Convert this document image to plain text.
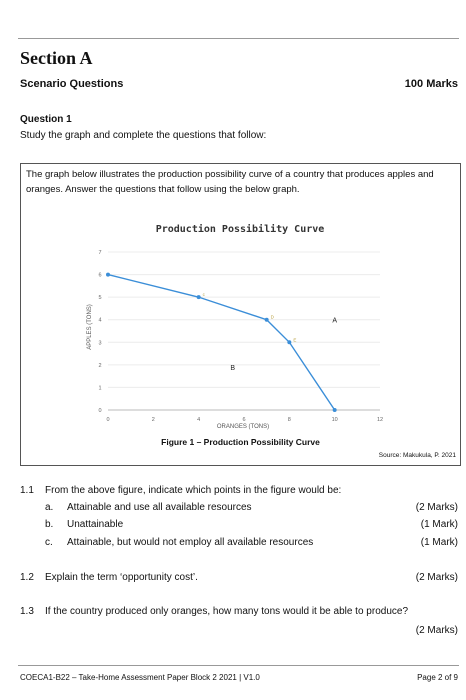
Section A
Scenario Questions	100 Marks
Question 1
Study the graph and complete the questions that follow:
The graph below illustrates the production possibility curve of a country that produces apples and oranges. Answer the questions that follow using the below graph.
Production Possibility Curve
APPLES (TONS)
ORANGES (TONS)
0
1
2
3
4
5
6
7
0	2	4	6	8	10	12
c
D
E
A
B
Figure 1 – Production Possibility Curve
Source: Makukula, P. 2021
1.1 From the above figure, indicate which points in the figure would be:
a. Attainable and use all available resources	(2 Marks)
b. Unattainable	(1 Mark)
c. Attainable, but would not employ all available resources	(1 Mark)
1.2 Explain the term ‘opportunity cost’.	(2 Marks)
1.3 If the country produced only oranges, how many tons would it be able to produce?
(2 Marks)
COECA1-B22 – Take-Home Assessment Paper Block 2 2021 | V1.0	Page 2 of 9
